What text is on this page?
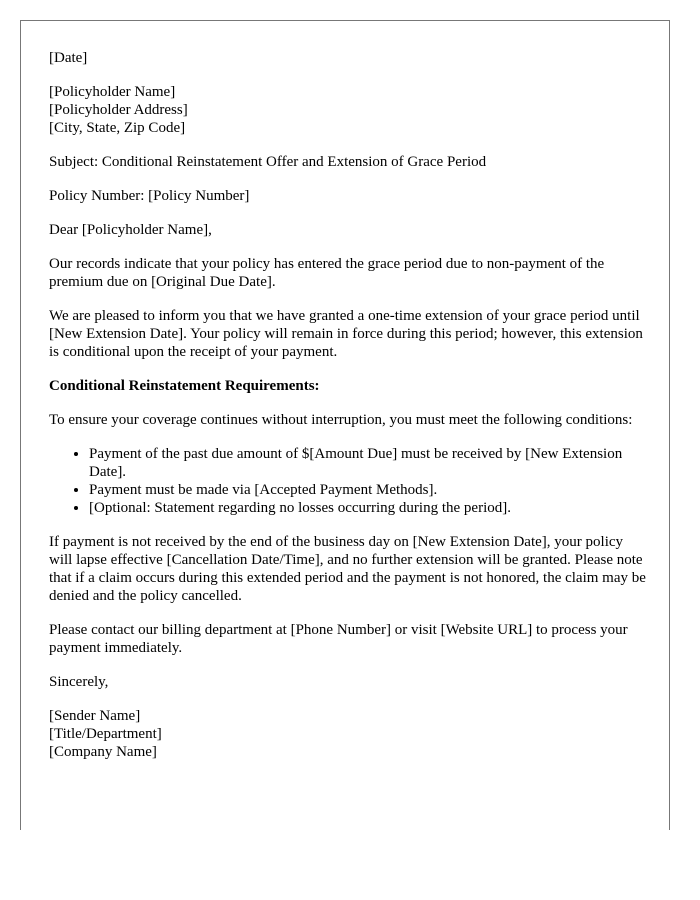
[Date]

[Policyholder Name]

[Policyholder Address]

[City, State, Zip Code]

Subject: Conditional Reinstatement Offer and Extension of Grace Period

Policy Number: [Policy Number]

Dear [Policyholder Name],

Our records indicate that your policy has entered the grace period due to non-payment of the premium due on [Original Due Date].

We are pleased to inform you that we have granted a one-time extension of your grace period until [New Extension Date]. Your policy will remain in force during this period; however, this extension is conditional upon the receipt of your payment.

Conditional Reinstatement Requirements:

To ensure your coverage continues without interruption, you must meet the following conditions:

• Payment of the past due amount of $[Amount Due] must be received by [New Extension Date].
• Payment must be made via [Accepted Payment Methods].
• [Optional: Statement regarding no losses occurring during the period].

If payment is not received by the end of the business day on [New Extension Date], your policy will lapse effective [Cancellation Date/Time], and no further extension will be granted. Please note that if a claim occurs during this extended period and the payment is not honored, the claim may be denied and the policy cancelled.

Please contact our billing department at [Phone Number] or visit [Website URL] to process your payment immediately.

Sincerely,

[Sender Name]

[Title/Department]

[Company Name]
